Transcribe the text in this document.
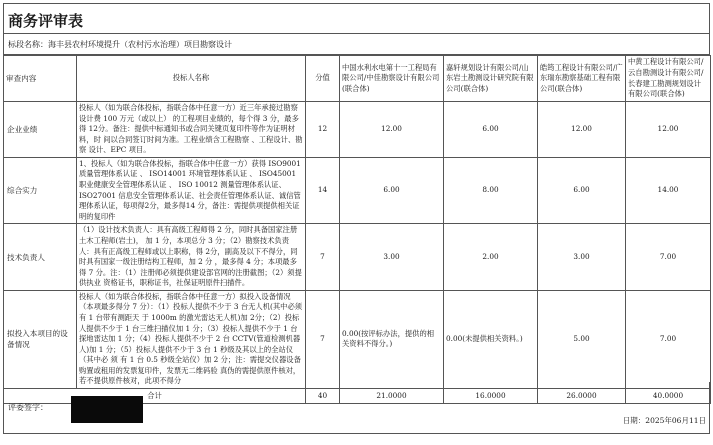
商务评审表
标段名称：海丰县农村环境提升（农村污水治理）项目勘察设计
审查内容	投标人名称	分值	中国水利水电第十一工程局有限公司/中佳勘察设计有限公司(联合体)	嘉轩规划设计有限公司/山东岩土勘测设计研究院有限公司(联合体)	皓筠工程设计有限公司/广东瑞东勘察基础工程有限公司(联合体)	中黄工程设计有限公司/云自勘测设计有限公司/长春建工勘测规划设计有限公司(联合体)
企业业绩	投标人（如为联合体投标，指联合体中任意一方）近三年承接过勘察设计费 100 万元（或以上） 的工程项目业绩的，每个得 3 分，最多得 12分。备注：提供中标通知书或合同关键页复印件等作为证明材料，时 间以合同签订时间为准。工程业绩含工程勘察 、工程设计、勘察 设计、EPC 项目。	12	12.00	6.00	12.00	12.00
综合实力	1、投标人（如为联合体投标，指联合体中任意一方）获得 ISO9001 质量管理体系认证 、 ISO14001 环境管理体系认证 、 ISO45001 职业健康安全管理体系认证 、 ISO 10012 测量管理体系认证、ISO27001 信息安全管理体系认证、社会责任管理体系认证、诚信管理体系认证，每项得2分，最多得14 分，备注：需提供项提供相关证明的复印件	14	6.00	8.00	6.00	14.00
技术负责人	（1）设计技术负责人：具有高级工程师得 2 分，同时具备国家注册土木工程师(岩土)， 加 1 分，本项总分 3 分；（2）勘察技术负责人：具有正高级工程师或以上职称，得 2分，副高及以下不得分，同时具有国家一级注册结构工程师，加 2 分 ，最多得 4 分；本项最多得 7 分。注：（1）注册师必须提供建设部官网的注册截图；（2）须提供执业 资格证书，职称证书，社保证明原件扫描件。	7	3.00	2.00	3.00	7.00
拟投入本项目的设备情况	投标人（如为联合体投标，指联合体中任意一方）拟投入设备情况（本项最多得分 7 分）：（1）投标人提供不少于 3 台无人机(其中必须有 1 台带有测距天 于 1000m 的激光雷达无人机)加 2分；（2）投标人提供不少于 1 台三维扫描仪加 1 分；（3）投标人提供不少于 1 台探地雷达加 1 分；（4）投标人提供不少于 2 台 CCTV(管道检测机器人)加 1 分；（5）投标人提供不少于 3 台 1 秒级及其以上的全站仪（其中必 须 有 1 台 0.5 秒级全站仪）加 2 分；注：需提交仪器设备购置或租用的发票复印件，发票无二维码验 真伪的需提供原件核对，若不提供原件核对，此项不得分	7	0.00(按评标办法，提供的相关资料不得分。)	0.00(未提供相关资料。)	5.00	7.00
合计		40	21.0000	16.0000	26.0000	40.0000
评委签字：
日期：2025年06月11日
